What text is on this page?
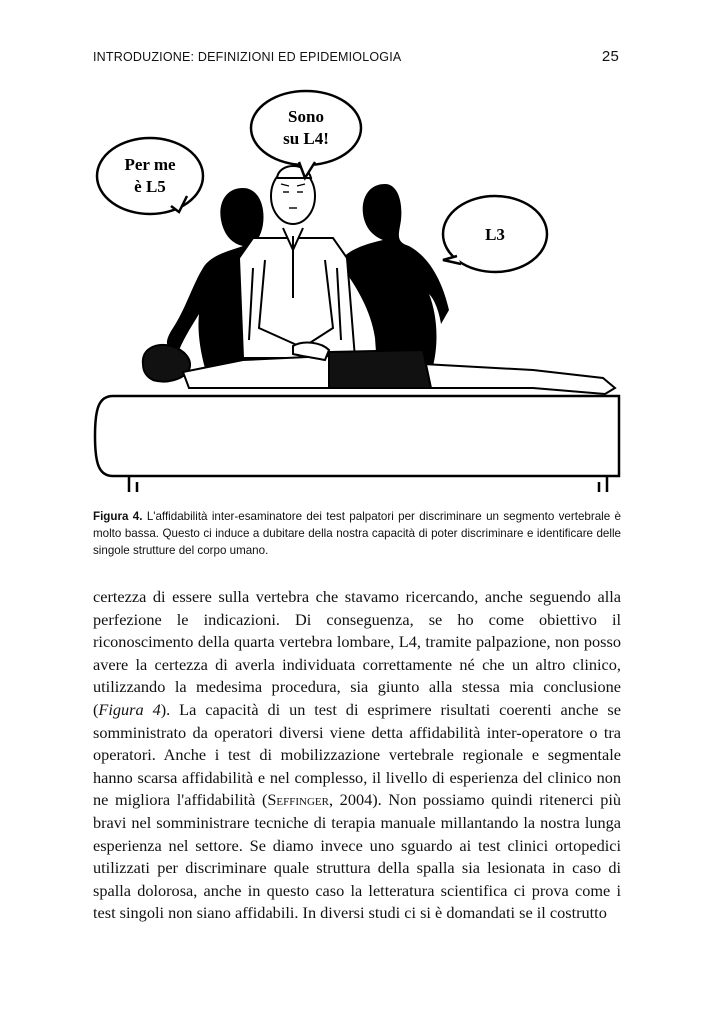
INTRODUZIONE: DEFINIZIONI ED EPIDEMIOLOGIA	25
Per me
è L5
Sono
su L4!
L3
Figura 4. L'affidabilità inter-esaminatore dei test palpatori per discriminare un segmento vertebrale è molto bassa. Questo ci induce a dubitare della nostra capacità di poter discriminare e identificare delle singole strutture del corpo umano.

certezza di essere sulla vertebra che stavamo ricercando, anche seguendo alla perfezione le indicazioni. Di conseguenza, se ho come obiettivo il riconoscimento della quarta vertebra lombare, L4, tramite palpazione, non posso avere la certezza di averla individuata correttamente né che un altro clinico, utilizzando la medesima procedura, sia giunto alla stessa mia conclusione (Figura 4). La capacità di un test di esprimere risultati coerenti anche se somministrato da operatori diversi viene detta affidabilità inter-operatore o tra operatori. Anche i test di mobilizzazione vertebrale regionale e segmentale hanno scarsa affidabilità e nel complesso, il livello di esperienza del clinico non ne migliora l'affidabilità (Seffinger, 2004). Non possiamo quindi ritenerci più bravi nel somministrare tecniche di terapia manuale millantando la nostra lunga esperienza nel settore. Se diamo invece uno sguardo ai test clinici ortopedici utilizzati per discriminare quale struttura della spalla sia lesionata in caso di spalla dolorosa, anche in questo caso la letteratura scientifica ci prova come i test singoli non siano affidabili. In diversi studi ci si è domandati se il costrutto
